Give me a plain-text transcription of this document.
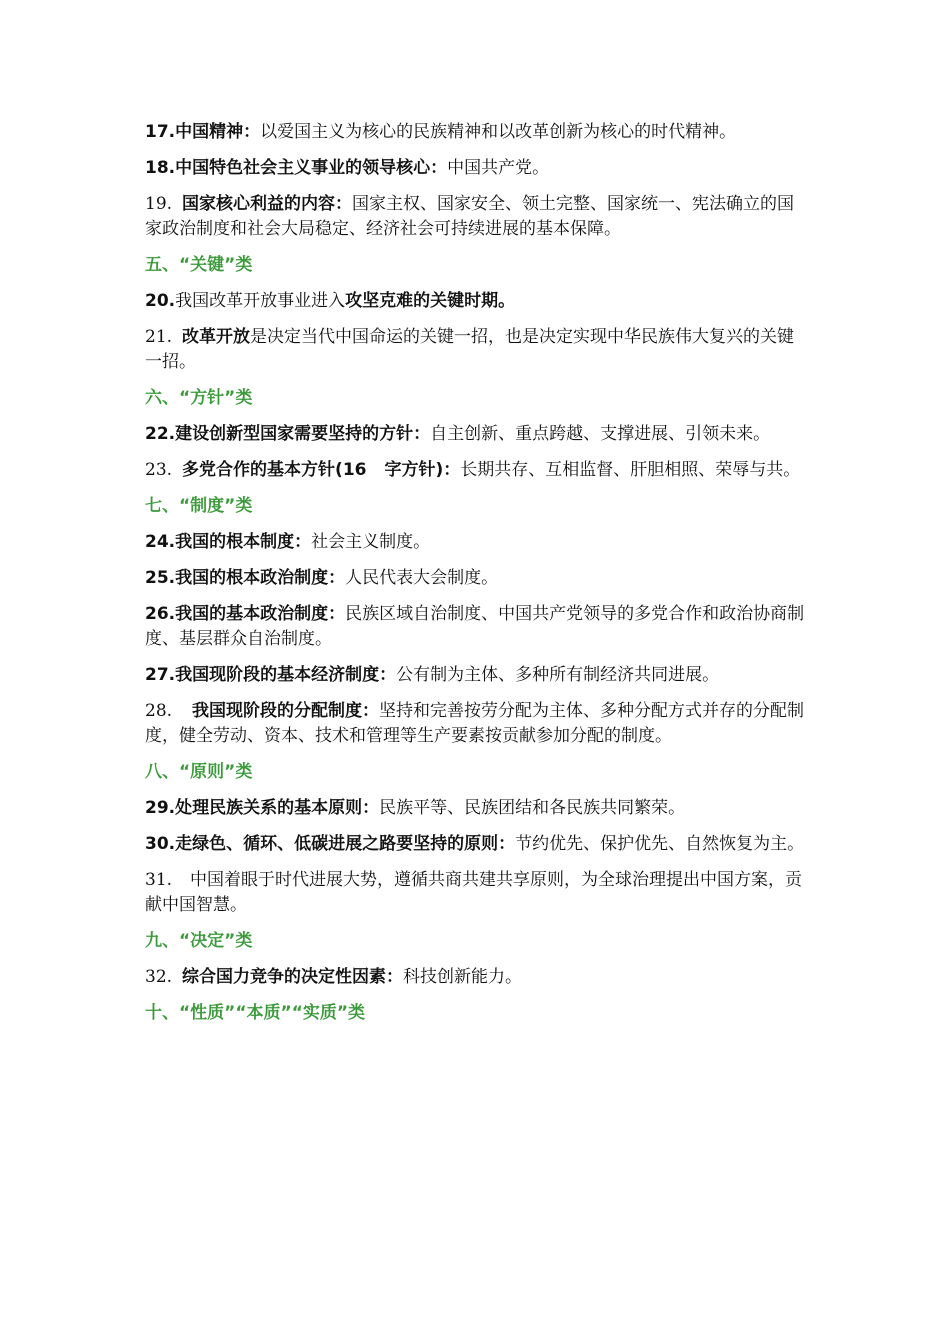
17.中国精神：以爱国主义为核心的民族精神和以改革创新为核心的时代精神。

18.中国特色社会主义事业的领导核心：中国共产党。

19. 国家核心利益的内容：国家主权、国家安全、领土完整、国家统一、宪法确立的国家政治制度和社会大局稳定、经济社会可持续进展的基本保障。

五、“关键”类

20.我国改革开放事业进入攻坚克难的关键时期。

21. 改革开放是决定当代中国命运的关键一招，也是决定实现中华民族伟大复兴的关键一招。

六、“方针”类

22.建设创新型国家需要坚持的方针：自主创新、重点跨越、支撑进展、引领未来。

23. 多党合作的基本方针(16 字方针)：长期共存、互相监督、肝胆相照、荣辱与共。

七、“制度”类

24.我国的根本制度：社会主义制度。

25.我国的根本政治制度：人民代表大会制度。

26.我国的基本政治制度：民族区域自治制度、中国共产党领导的多党合作和政治协商制度、基层群众自治制度。

27.我国现阶段的基本经济制度：公有制为主体、多种所有制经济共同进展。

28. 我国现阶段的分配制度：坚持和完善按劳分配为主体、多种分配方式并存的分配制度，健全劳动、资本、技术和管理等生产要素按贡献参加分配的制度。

八、“原则”类

29.处理民族关系的基本原则：民族平等、民族团结和各民族共同繁荣。

30.走绿色、循环、低碳进展之路要坚持的原则：节约优先、保护优先、自然恢复为主。

31. 中国着眼于时代进展大势，遵循共商共建共享原则，为全球治理提出中国方案，贡献中国智慧。

九、“决定”类

32. 综合国力竞争的决定性因素：科技创新能力。

十、“性质”“本质”“实质”类
